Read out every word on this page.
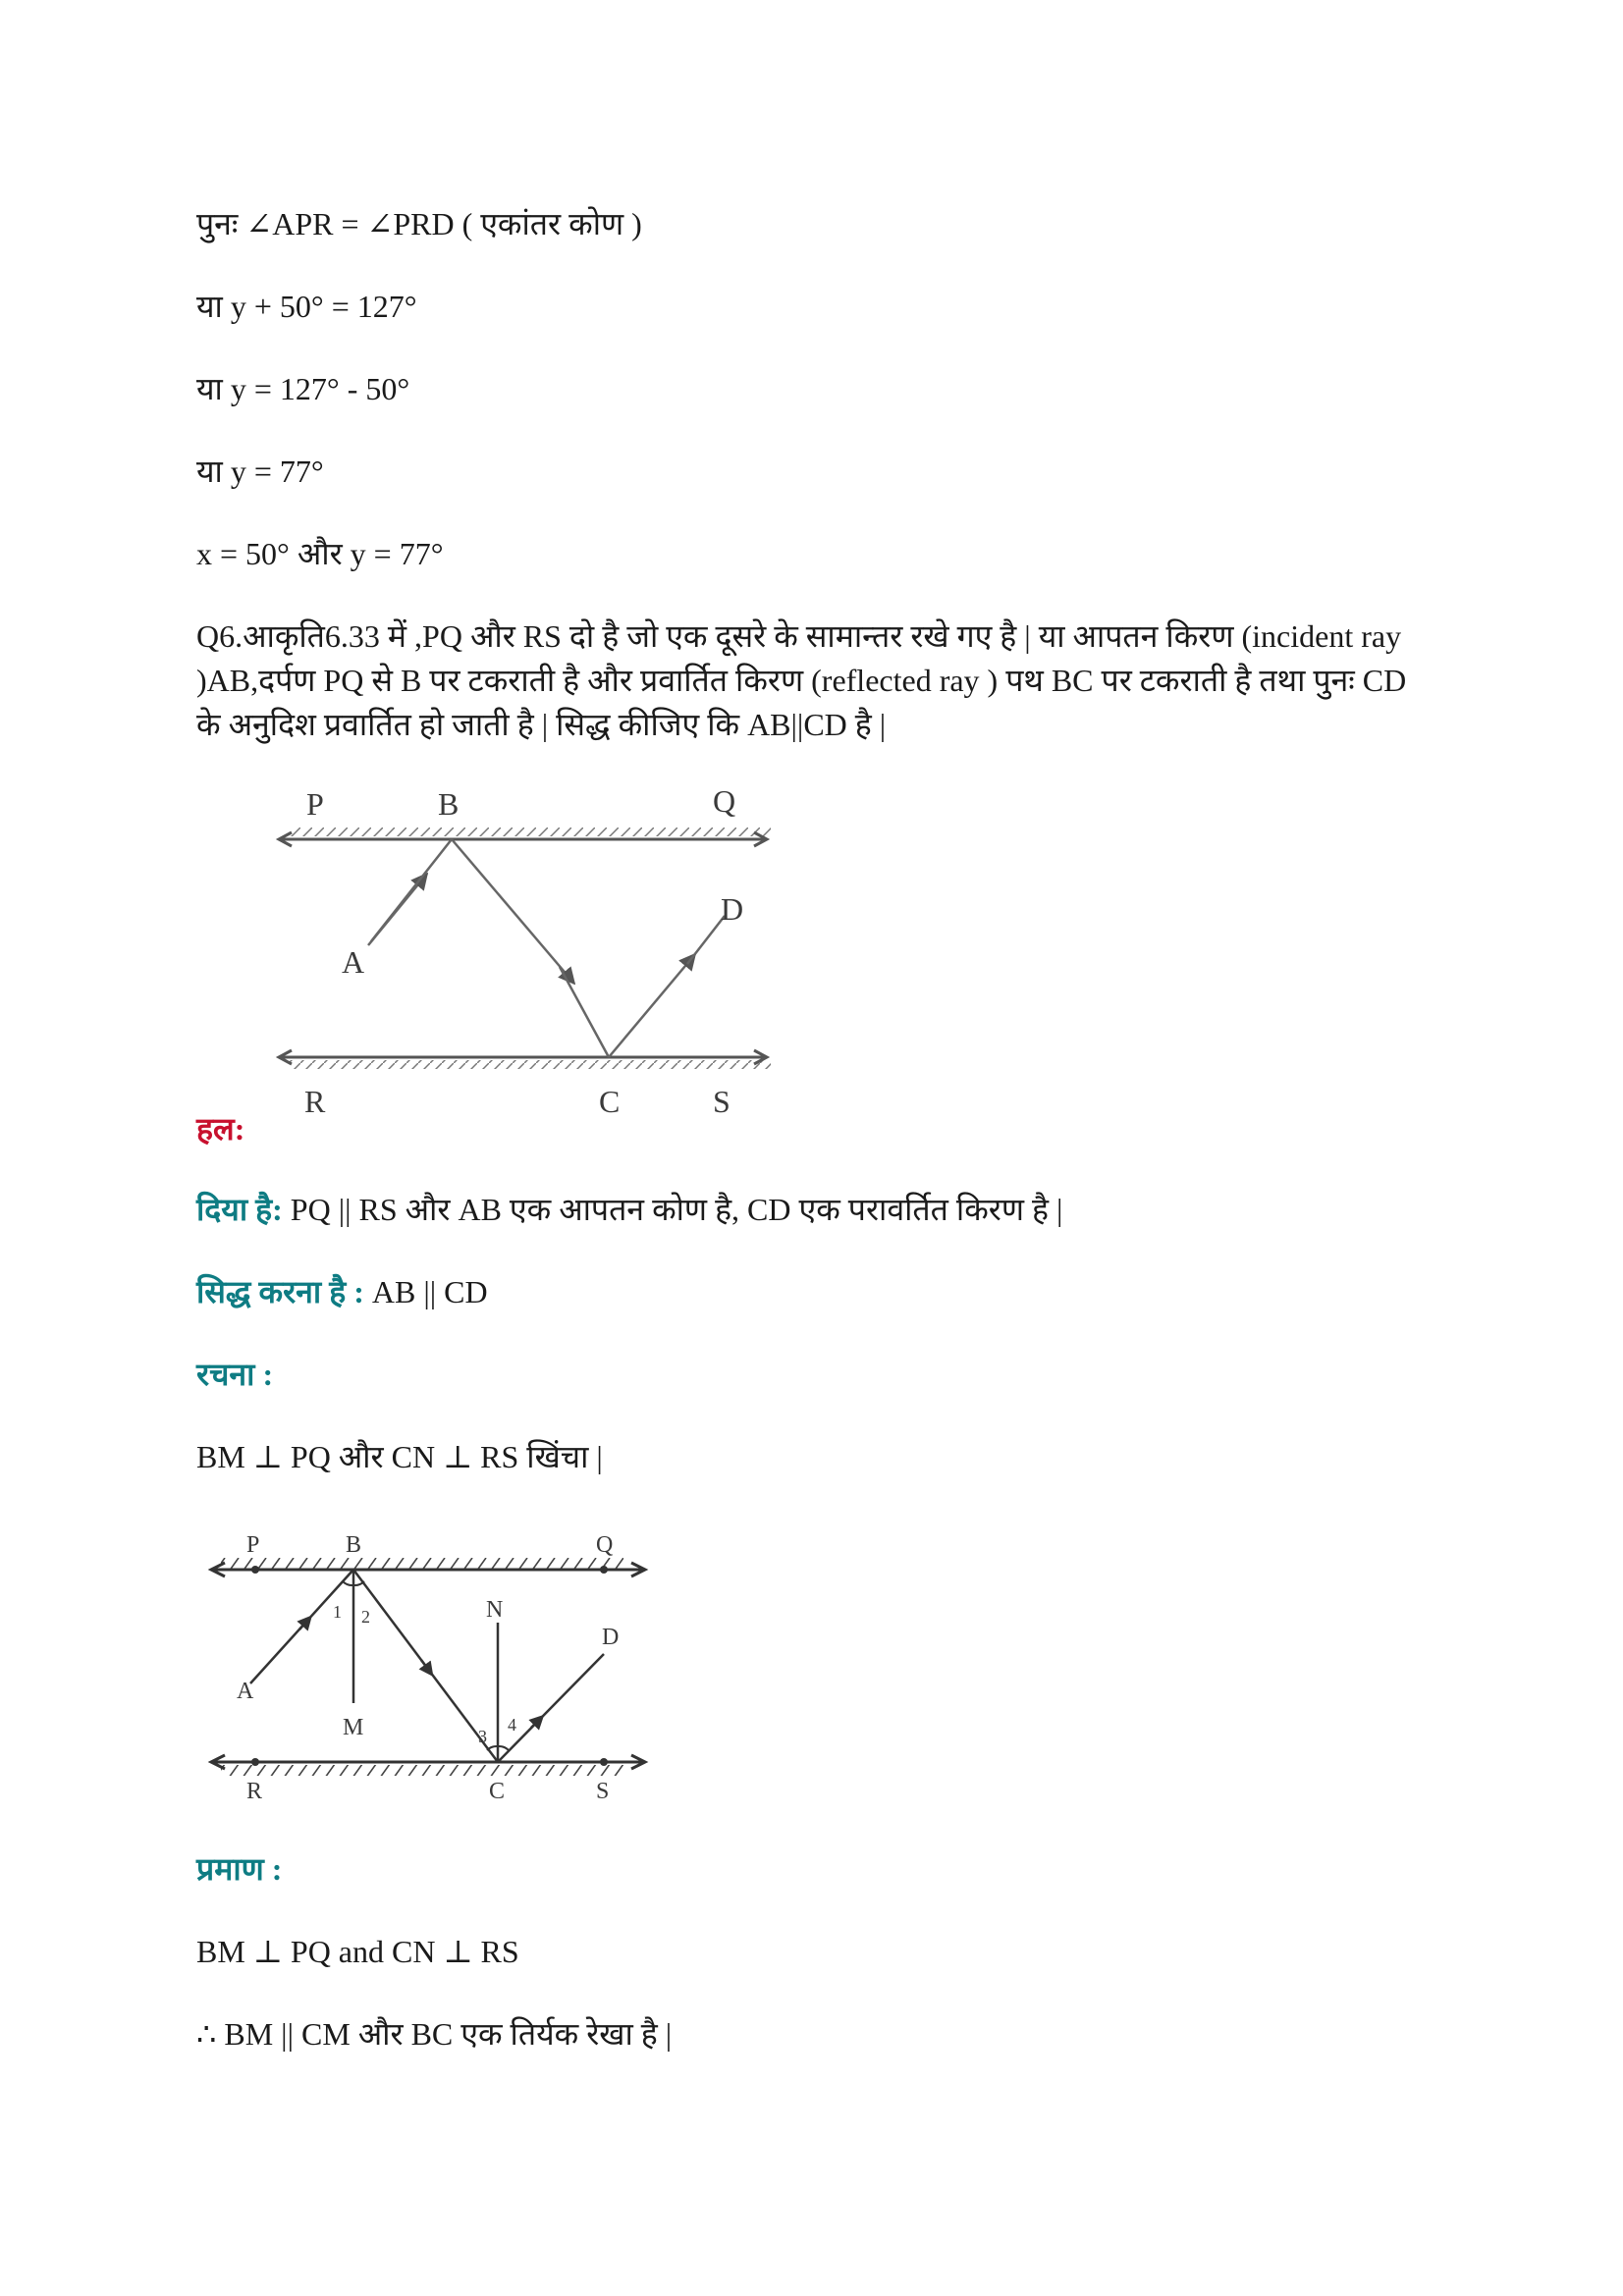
पुनः ∠APR = ∠PRD ( एकांतर कोण )
या y + 50° = 127°
या y = 127° - 50°
या y = 77°
x = 50° और y = 77°
Q6.आकृति6.33 में ,PQ और RS दो है जो एक दूसरे के सामान्तर रखे गए है | या आपतन किरण (incident ray )AB,दर्पण PQ से B पर टकराती है और प्रवार्तित किरण (reflected ray ) पथ BC पर टकराती है तथा पुनः CD के अनुदिश प्रवार्तित हो जाती है | सिद्ध कीजिए कि AB||CD है |
P	B	Q
A
D
R	C	S
हल:
दिया है: PQ || RS और AB एक आपतन कोण है, CD एक परावर्तित किरण है |
सिद्ध करना है : AB || CD
रचना :
BM ⊥ PQ और CN ⊥ RS खिंचा |
P	B	Q
N
D
A
M
R	C	S
1 2
3
4
प्रमाण :
BM ⊥ PQ and CN ⊥ RS
∴ BM || CM और BC एक तिर्यक रेखा है |
